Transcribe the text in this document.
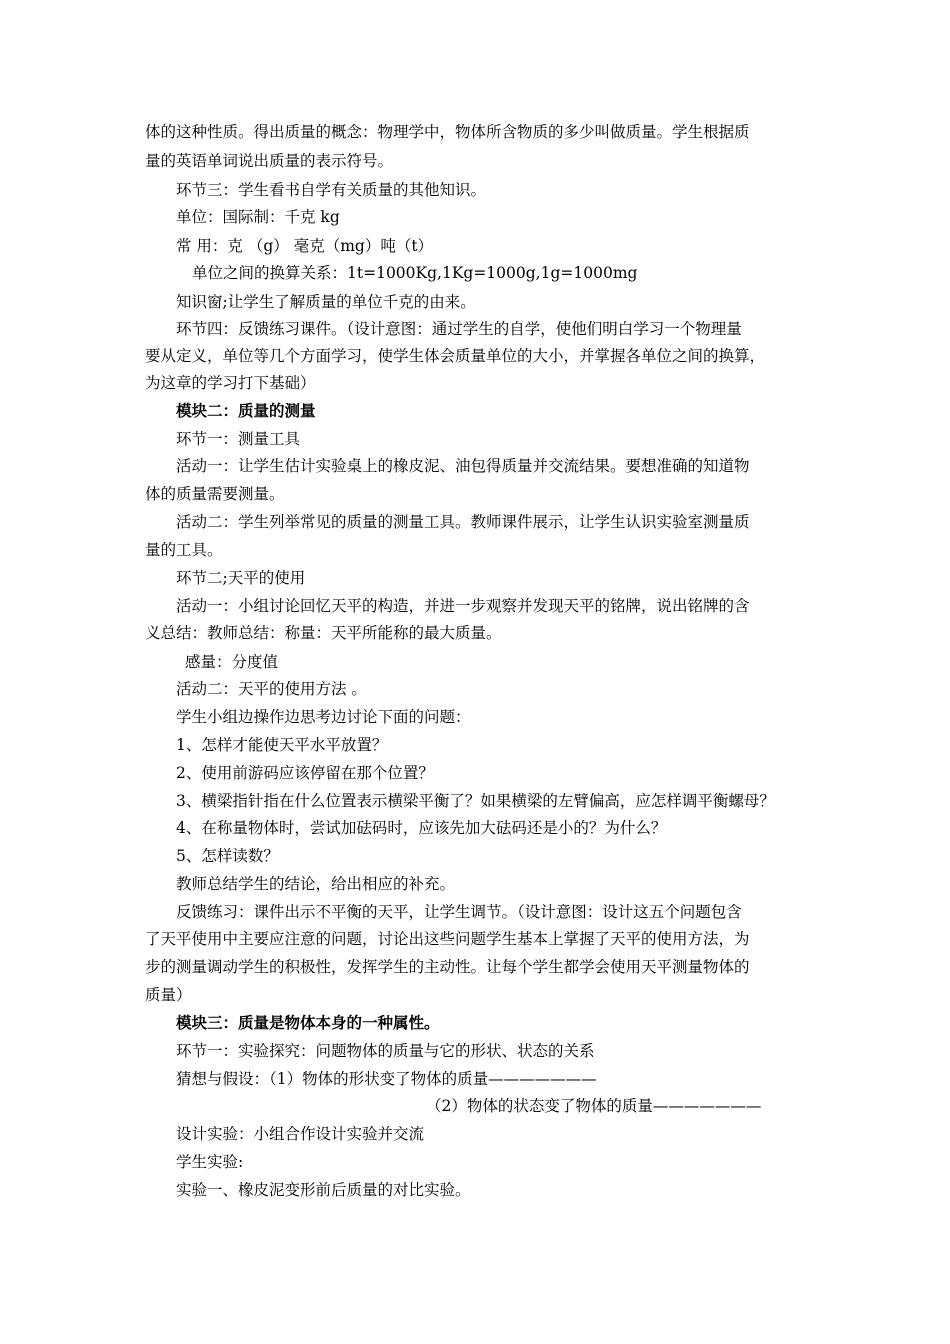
体的这种性质。得出质量的概念：物理学中，物体所含物质的多少叫做质量。学生根据质
量的英语单词说出质量的表示符号。
环节三：学生看书自学有关质量的其他知识。
单位：国际制：千克 kg
常 用：克 （g） 毫克（mg）吨（t）
单位之间的换算关系：1t=1000Kg,1Kg=1000g,1g=1000mg
知识窗;让学生了解质量的单位千克的由来。
环节四：反馈练习课件。（设计意图：通过学生的自学，使他们明白学习一个物理量
要从定义，单位等几个方面学习，使学生体会质量单位的大小，并掌握各单位之间的换算，
为这章的学习打下基础）
模块二：质量的测量
环节一：测量工具
活动一：让学生估计实验桌上的橡皮泥、油包得质量并交流结果。要想准确的知道物
体的质量需要测量。
活动二：学生列举常见的质量的测量工具。教师课件展示，让学生认识实验室测量质
量的工具。
环节二;天平的使用
活动一：小组讨论回忆天平的构造，并进一步观察并发现天平的铭牌，说出铭牌的含
义总结：教师总结：称量：天平所能称的最大质量。
感量：分度值
活动二：天平的使用方法 。
学生小组边操作边思考边讨论下面的问题：
1、怎样才能使天平水平放置？
2、使用前游码应该停留在那个位置？
3、横梁指针指在什么位置表示横梁平衡了？如果横梁的左臂偏高，应怎样调平衡螺母？
4、在称量物体时，尝试加砝码时，应该先加大砝码还是小的？为什么？
5、怎样读数？
教师总结学生的结论，给出相应的补充。
反馈练习：课件出示不平衡的天平，让学生调节。（设计意图：设计这五个问题包含
了天平使用中主要应注意的问题，讨论出这些问题学生基本上掌握了天平的使用方法，为
步的测量调动学生的积极性，发挥学生的主动性。让每个学生都学会使用天平测量物体的
质量）
模块三：质量是物体本身的一种属性。
环节一：实验探究：问题物体的质量与它的形状、状态的关系
猜想与假设：（1）物体的形状变了物体的质量———————
（2）物体的状态变了物体的质量———————
设计实验：小组合作设计实验并交流
学生实验:
实验一、橡皮泥变形前后质量的对比实验。
